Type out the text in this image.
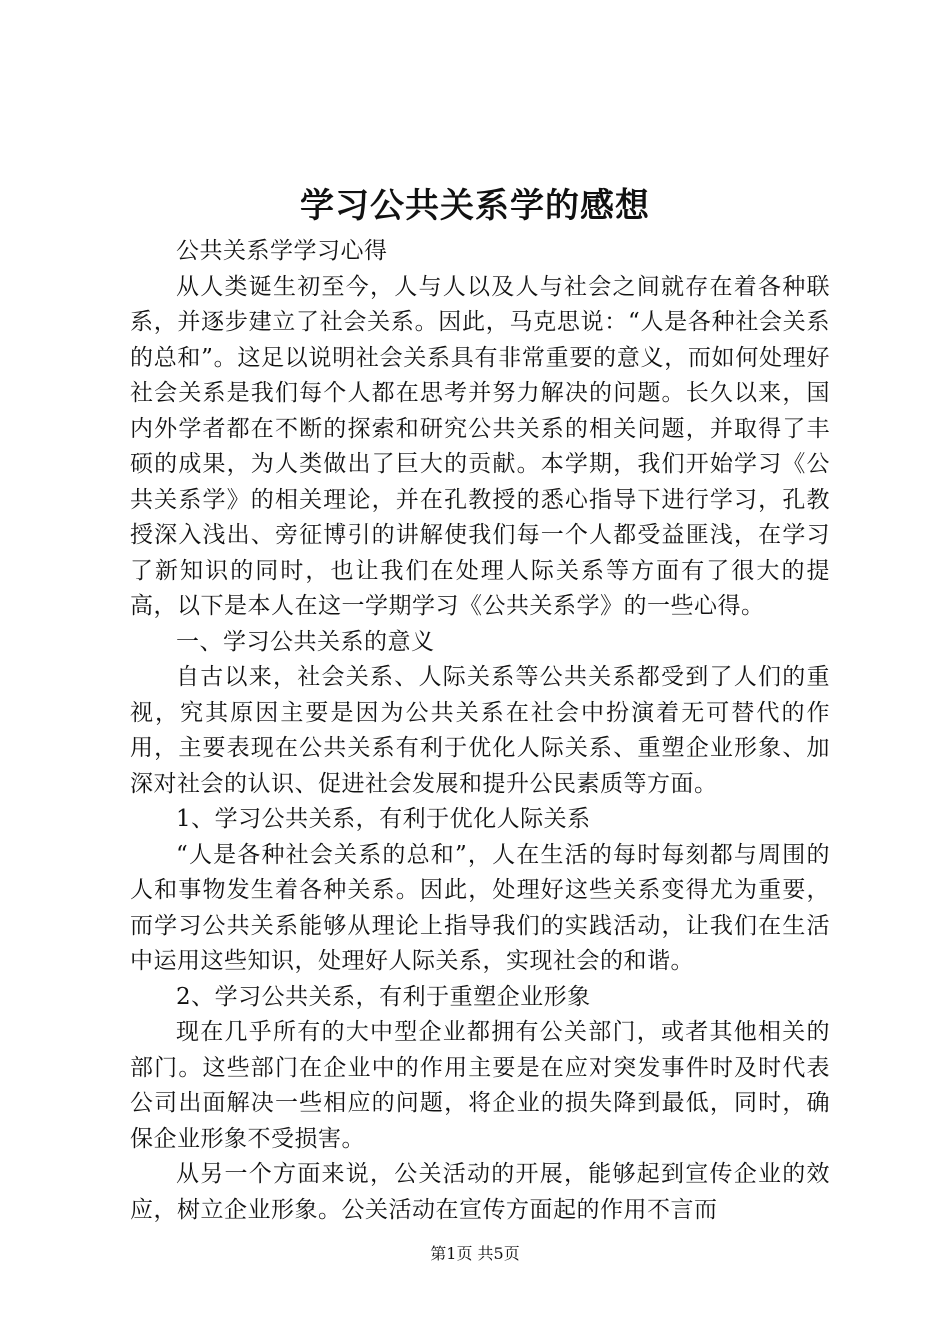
学习公共关系学的感想

公共关系学学习心得

从人类诞生初至今，人与人以及人与社会之间就存在着各种联系，并逐步建立了社会关系。因此，马克思说：“人是各种社会关系的总和”。这足以说明社会关系具有非常重要的意义，而如何处理好社会关系是我们每个人都在思考并努力解决的问题。长久以来，国内外学者都在不断的探索和研究公共关系的相关问题，并取得了丰硕的成果，为人类做出了巨大的贡献。本学期，我们开始学习《公共关系学》的相关理论，并在孔教授的悉心指导下进行学习，孔教授深入浅出、旁征博引的讲解使我们每一个人都受益匪浅，在学习了新知识的同时，也让我们在处理人际关系等方面有了很大的提高，以下是本人在这一学期学习《公共关系学》的一些心得。

一、学习公共关系的意义

自古以来，社会关系、人际关系等公共关系都受到了人们的重视，究其原因主要是因为公共关系在社会中扮演着无可替代的作用，主要表现在公共关系有利于优化人际关系、重塑企业形象、加深对社会的认识、促进社会发展和提升公民素质等方面。

1、学习公共关系，有利于优化人际关系

“人是各种社会关系的总和”，人在生活的每时每刻都与周围的人和事物发生着各种关系。因此，处理好这些关系变得尤为重要，而学习公共关系能够从理论上指导我们的实践活动，让我们在生活中运用这些知识，处理好人际关系，实现社会的和谐。

2、学习公共关系，有利于重塑企业形象

现在几乎所有的大中型企业都拥有公关部门，或者其他相关的部门。这些部门在企业中的作用主要是在应对突发事件时及时代表公司出面解决一些相应的问题，将企业的损失降到最低，同时，确保企业形象不受损害。

从另一个方面来说，公关活动的开展，能够起到宣传企业的效应，树立企业形象。公关活动在宣传方面起的作用不言而

第1页 共5页
